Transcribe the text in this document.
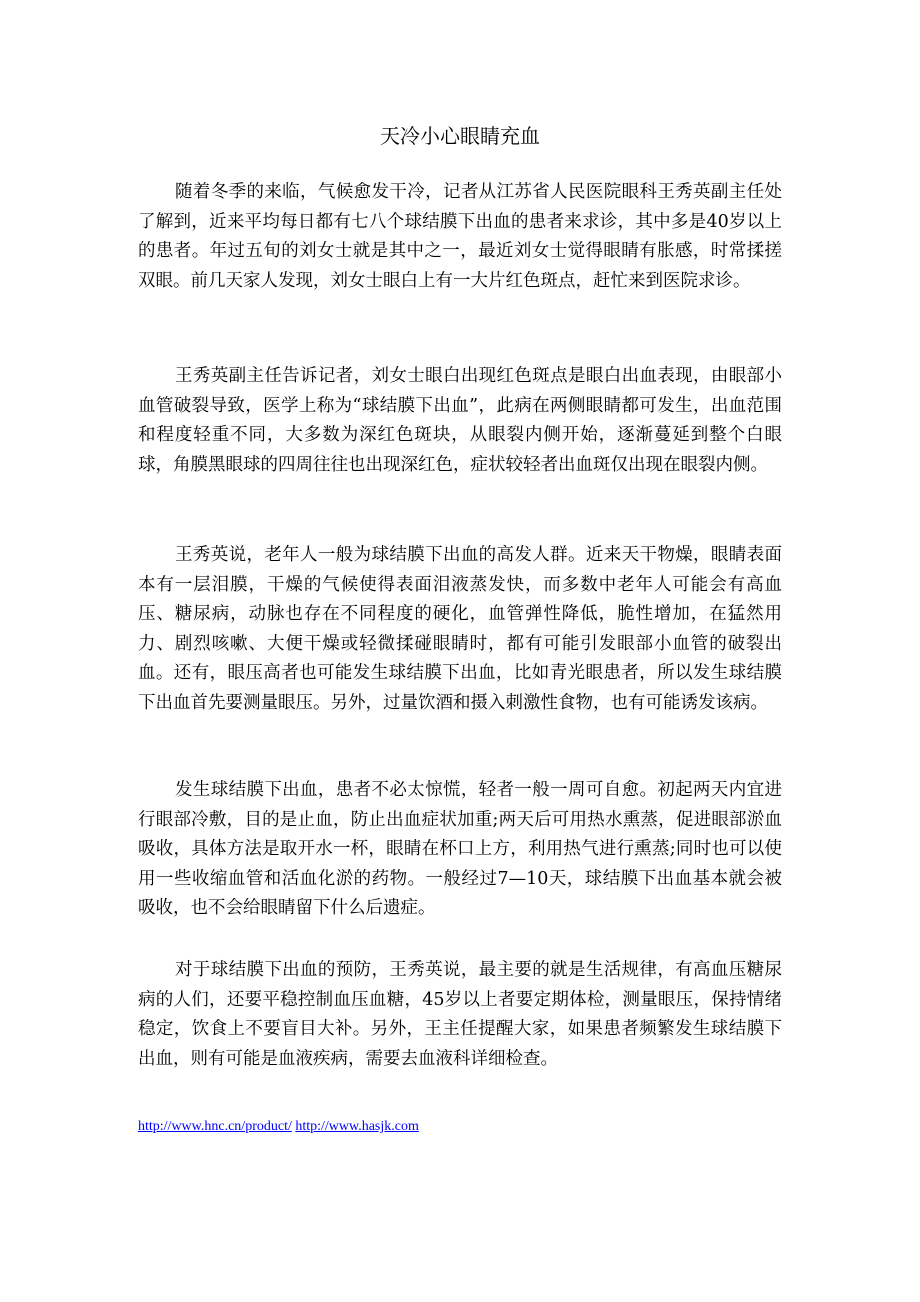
天冷小心眼睛充血

随着冬季的来临，气候愈发干冷，记者从江苏省人民医院眼科王秀英副主任处了解到，近来平均每日都有七八个球结膜下出血的患者来求诊，其中多是40岁以上的患者。年过五旬的刘女士就是其中之一，最近刘女士觉得眼睛有胀感，时常揉搓双眼。前几天家人发现，刘女士眼白上有一大片红色斑点，赶忙来到医院求诊。

王秀英副主任告诉记者，刘女士眼白出现红色斑点是眼白出血表现，由眼部小血管破裂导致，医学上称为“球结膜下出血”，此病在两侧眼睛都可发生，出血范围和程度轻重不同，大多数为深红色斑块，从眼裂内侧开始，逐渐蔓延到整个白眼球，角膜黑眼球的四周往往也出现深红色，症状较轻者出血斑仅出现在眼裂内侧。

王秀英说，老年人一般为球结膜下出血的高发人群。近来天干物燥，眼睛表面本有一层泪膜，干燥的气候使得表面泪液蒸发快，而多数中老年人可能会有高血压、糖尿病，动脉也存在不同程度的硬化，血管弹性降低，脆性增加，在猛然用力、剧烈咳嗽、大便干燥或轻微揉碰眼睛时，都有可能引发眼部小血管的破裂出血。还有，眼压高者也可能发生球结膜下出血，比如青光眼患者，所以发生球结膜下出血首先要测量眼压。另外，过量饮酒和摄入刺激性食物，也有可能诱发该病。

发生球结膜下出血，患者不必太惊慌，轻者一般一周可自愈。初起两天内宜进行眼部冷敷，目的是止血，防止出血症状加重;两天后可用热水熏蒸，促进眼部淤血吸收，具体方法是取开水一杯，眼睛在杯口上方，利用热气进行熏蒸;同时也可以使用一些收缩血管和活血化淤的药物。一般经过7—10天，球结膜下出血基本就会被吸收，也不会给眼睛留下什么后遗症。

对于球结膜下出血的预防，王秀英说，最主要的就是生活规律，有高血压糖尿病的人们，还要平稳控制血压血糖，45岁以上者要定期体检，测量眼压，保持情绪稳定，饮食上不要盲目大补。另外，王主任提醒大家，如果患者频繁发生球结膜下出血，则有可能是血液疾病，需要去血液科详细检查。

http://www.hnc.cn/product/ http://www.hasjk.com
